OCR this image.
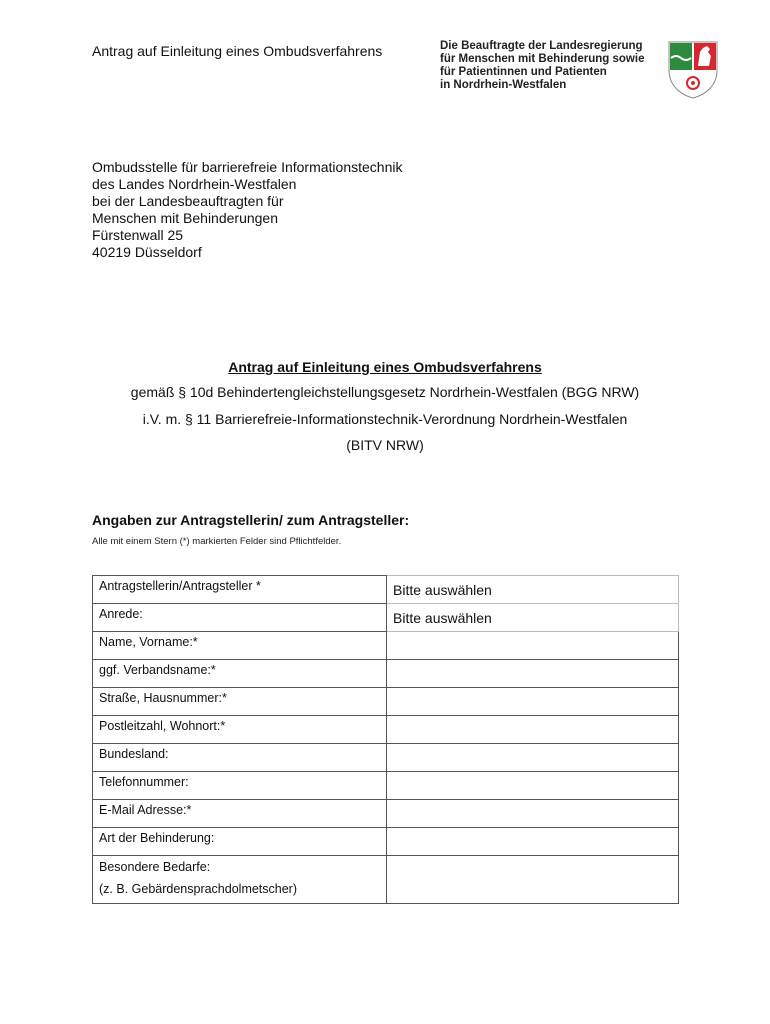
Antrag auf Einleitung eines Ombudsverfahrens	Die Beauftragte der Landesregierung
für Menschen mit Behinderung sowie
für Patientinnen und Patienten
in Nordrhein-Westfalen
Ombudsstelle für barrierefreie Informationstechnik
des Landes Nordrhein-Westfalen
bei der Landesbeauftragten für
Menschen mit Behinderungen
Fürstenwall 25
40219 Düsseldorf
Antrag auf Einleitung eines Ombudsverfahrens
gemäß § 10d Behindertengleichstellungsgesetz Nordrhein-Westfalen (BGG NRW)
i.V. m. § 11 Barrierefreie-Informationstechnik-Verordnung Nordrhein-Westfalen
(BITV NRW)
Angaben zur Antragstellerin/ zum Antragsteller:
Alle mit einem Stern (*) markierten Felder sind Pflichtfelder.
Antragstellerin/Antragsteller *	Bitte auswählen
Anrede:	Bitte auswählen
Name, Vorname:*	
ggf. Verbandsname:*	
Straße, Hausnummer:*	
Postleitzahl, Wohnort:*	
Bundesland:	
Telefonnummer:	
E-Mail Adresse:*	
Art der Behinderung:	

Besondere Bedarfe:
(z. B. Gebärdensprachdolmetscher)	
